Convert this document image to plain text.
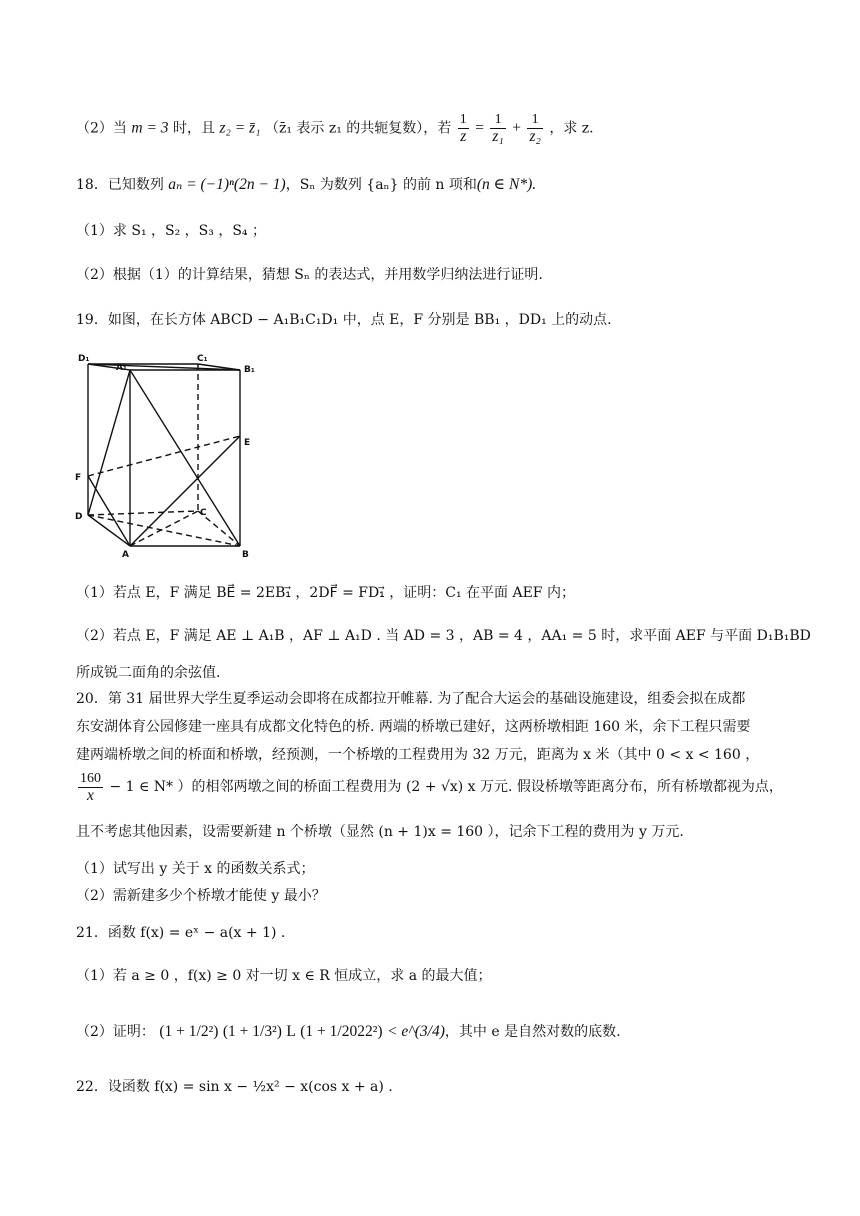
（2）当 m = 3 时，且 z₂ = z̄₁ （z̄₁ 表示 z₁ 的共轭复数），若 $\frac{1}{z} = \frac{1}{\text{z₁}} + \frac{1}{\text{z₂}}$ ，求 z.
18．已知数列 aₙ = (−1)ⁿ(2n − 1)，Sₙ 为数列 {aₙ} 的前 n 项和(n ∈ N*).
（1）求 S₁ ，S₂ ，S₃ ，S₄ ；
（2）根据（1）的计算结果，猜想 Sₙ 的表达式，并用数学归纳法进行证明.
19．如图，在长方体 ABCD − A₁B₁C₁D₁ 中，点 E，F 分别是 BB₁ ，DD₁ 上的动点.
D₁	C₁
A₁	B₁
E
F
D	C
A	B
（1）若点 E，F 满足 BE⃗ = 2EB₁⃗ ，2DF⃗ = FD₁⃗ ，证明：C₁ 在平面 AEF 内；
（2）若点 E，F 满足 AE ⊥ A₁B ，AF ⊥ A₁D . 当 AD = 3 ，AB = 4 ，AA₁ = 5 时，求平面 AEF 与平面 D₁B₁BD
所成锐二面角的余弦值.
20．第 31 届世界大学生夏季运动会即将在成都拉开帷幕. 为了配合大运会的基础设施建设，组委会拟在成都
东安湖体育公园修建一座具有成都文化特色的桥. 两端的桥墩已建好，这两桥墩相距 160 米，余下工程只需要
建两端桥墩之间的桥面和桥墩，经预测，一个桥墩的工程费用为 32 万元，距离为 x 米（其中 0 < x < 160 ，
$\frac{160}{x} - 1$ ∈ N* ）的相邻两墩之间的桥面工程费用为 (2 + √x) x 万元. 假设桥墩等距离分布，所有桥墩都视为点，
且不考虑其他因素，设需要新建 n 个桥墩（显然 (n + 1)x = 160 ），记余下工程的费用为 y 万元.
（1）试写出 y 关于 x 的函数关系式；
（2）需新建多少个桥墩才能使 y 最小？
21．函数 f(x) = eˣ − a(x + 1) .
（1）若 a ≥ 0 ，f(x) ≥ 0 对一切 x ∈ R 恒成立，求 a 的最大值；
（2）证明： (1 + 1/2²) (1 + 1/3²) L (1 + 1/2022²) < e^(3/4)，其中 e 是自然对数的底数.
22．设函数 f(x) = sin x − ½x² − x(cos x + a) .
